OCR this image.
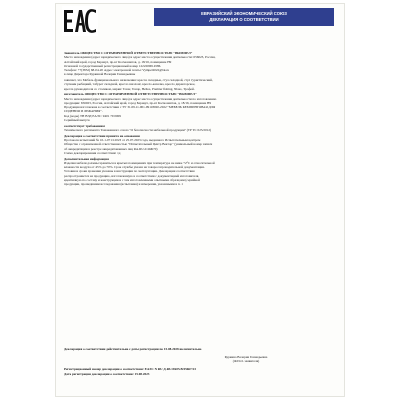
ЕВРАЗИЙСКИЙ ЭКОНОМИЧЕСКИЙ СОЮЗ
ДЕКЛАРАЦИЯ О СООТВЕТСТВИИ
Заявитель ОБЩЕСТВО С ОГРАНИЧЕННОЙ ОТВЕТСТВЕННОСТЬЮ "ВЫМПЕЛ"
Место нахождения (адрес юридического лица) и адрес места осуществления деятельности: 656023, Россия,
Алтайский край, город Барнаул, пр-кт Космонавтов, д. 18/16, помещение Н9
Основной государственный регистрационный номер 1222200014586.
Телефон: +7(3852) 68-04-20 Адрес электронной почты: Vympel2022@bk.ru
в лице Директора Куркиной Валерии Геннадьевны
заявляет, что Мебель функционального назначения: кресла складные, стул складной, стул туристический,
стульчик рыбацкий, табурет складной, кресло шезлонг, кресло-качалка, кресло директорское,
кресла руководителя со столиком, марки: Tonar, Tonap, Helios, Premier fishing, Nisus, Трофей.
изготовитель ОБЩЕСТВО С ОГРАНИЧЕННОЙ ОТВЕТСТВЕННОСТЬЮ "ВЫМПЕЛ"
Место нахождения (адрес юридического лица) и адрес места осуществления деятельности по изготовлению
продукции: 656023, Россия, Алтайский край, город Барнаул, пр-кт Космонавтов, д. 18/16, помещение Н9
Продукция изготовлена в соответствии с ТУ 31.09.11-001-99118020-2022 "МЕБЕЛЬ КЕМПИНГОВАЯ ДЛЯ
СИДЕНИЯ И ЛЕЖАНИЯ".
Код (коды) ТН ВЭД ЕАЭС: 9401 79 0009
Серийный выпуск
соответствует требованиям
Технического регламента Таможенного союза "О безопасности мебельной продукции" (ТР ТС 025/2012)
Декларация о соответствии принята на основании
Протокола испытаний № 10-1-071/12023 от 25.07.2023 года, выданного Испытательным центром
Общества с ограниченной ответственностью "Испытательный Центр Вектор" (уникальный номер записи
об аккредитации в реестре аккредитованных лиц RA.RU.21ОЖ70)
Схема декларирования соответствия: 1д
Дополнительная информация
Изделия мебели должны храниться в крытых помещениях при температуре не ниже +2°C и относительной
влажности воздуха от 45% до 70%. Срок службы указан на товаросопроводительной документации.
Условия и сроки хранения указаны в инструкции по эксплуатации. Декларация соответствия
распространяется на продукцию, изготовленную в соответствии с документацией изготовителя,
идентичную по составу и конструкции и с тем изготовленными опытными образцами (серийной
продукции, прошедшими исследования (испытания) и измерения, указанными в п. 1
Декларация о соответствии действительна с даты регистрации по 15.08.2028 включительно
Куркина Валерия Геннадьевна
(Ф.И.О. заявителя)
Регистрационный номер декларации о соответствии: ЕАЭС N RU Д-RU.РА05.В.95667/23
Дата регистрации декларации о соответствии: 15.08.2023
